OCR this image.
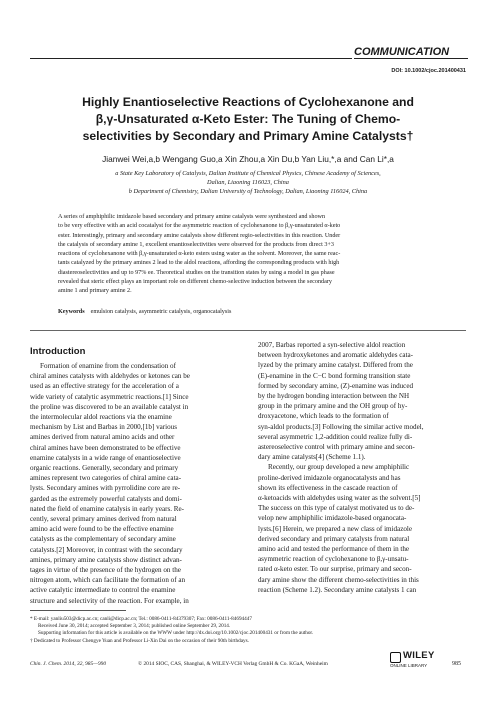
COMMUNICATION
DOI: 10.1002/cjoc.201400431
Highly Enantioselective Reactions of Cyclohexanone and
β,γ-Unsaturated α-Keto Ester: The Tuning of Chemo-
selectivities by Secondary and Primary Amine Catalysts†
Jianwei Wei,a,b Wengang Guo,a Xin Zhou,a Xin Du,b Yan Liu,*,a and Can Li*,a
a State Key Laboratory of Catalysis, Dalian Institute of Chemical Physics, Chinese Academy of Sciences,
Dalian, Liaoning 116023, China
b Department of Chemistry, Dalian University of Technology, Dalian, Liaoning 116024, China
A series of amphiphilic imidazole based secondary and primary amine catalysts were synthesized and shown
to be very effective with an acid cocatalyst for the asymmetric reaction of cyclohexanone to β,γ-unsaturated α-keto
ester. Interestingly, primary and secondary amine catalysts show different regio-selectivities in this reaction. Under
the catalysis of secondary amine 1, excellent enantioselectivities were observed for the products from direct 3+3
reactions of cyclohexanone with β,γ-unsaturated α-keto esters using water as the solvent. Moreover, the same reac-
tants catalyzed by the primary amines 2 lead to the aldol reactions, affording the corresponding products with high
diastereoselectivities and up to 97% ee. Theoretical studies on the transition states by using a model in gas phase
revealed that steric effect plays an important role on different chemo-selective induction between the secondary
amine 1 and primary amine 2.
Keywords emulsion catalysis, asymmetric catalysis, organocatalysis
Introduction
Formation of enamine from the condensation of
chiral amines catalysts with aldehydes or ketones can be
used as an effective strategy for the acceleration of a
wide variety of catalytic asymmetric reactions.[1] Since
the proline was discovered to be an available catalyst in
the intermolecular aldol reactions via the enamine
mechanism by List and Barbas in 2000,[1b] various
amines derived from natural amino acids and other
chiral amines have been demonstrated to be effective
enamine catalysts in a wide range of enantioselective
organic reactions. Generally, secondary and primary
amines represent two categories of chiral amine cata-
lysts. Secondary amines with pyrrolidine core are re-
garded as the extremely powerful catalysts and domi-
nated the field of enamine catalysis in early years. Re-
cently, several primary amines derived from natural
amino acid were found to be the effective enamine
catalysts as the complementary of secondary amine
catalysts.[2] Moreover, in contrast with the secondary
amines, primary amine catalysts show distinct advan-
tages in virtue of the presence of the hydrogen on the
nitrogen atom, which can facilitate the formation of an
active catalytic intermediate to control the enamine
structure and selectivity of the reaction. For example, in
2007, Barbas reported a syn-selective aldol reaction
between hydroxyketones and aromatic aldehydes cata-
lyzed by the primary amine catalyst. Differed from the
(E)-enamine in the C−C bond forming transition state
formed by secondary amine, (Z)-enamine was induced
by the hydrogen bonding interaction between the NH
group in the primary amine and the OH group of hy-
droxyacetone, which leads to the formation of
syn-aldol products.[3] Following the similar active model,
several asymmetric 1,2-addition could realize fully di-
astereoselective control with primary amine and secon-
dary amine catalysts[4] (Scheme 1.1).
Recently, our group developed a new amphiphilic
proline-derived imidazole organocatalysts and has
shown its effectiveness in the cascade reaction of
α-ketoacids with aldehydes using water as the solvent.[5]
The success on this type of catalyst motivated us to de-
velop new amphiphilic imidazole-based organocata-
lysts.[6] Herein, we prepared a new class of imidazole
derived secondary and primary catalysts from natural
amino acid and tested the performance of them in the
asymmetric reaction of cyclohexanone to β,γ-unsatu-
rated α-keto ester. To our surprise, primary and secon-
dary amine show the different chemo-selectivities in this
reaction (Scheme 1.2). Secondary amine catalysts 1 can
* E-mail: yanliu503@dicp.ac.cn; canli@dicp.ac.cn; Tel.: 0086-0411-84379307; Fax: 0086-0411-84694447
Received June 30, 2014; accepted September 3, 2014; published online September 29, 2014.
Supporting information for this article is available on the WWW under http://dx.doi.org/10.1002/cjoc.201400431 or from the author.
† Dedicated to Professor Chengye Yuan and Professor Li-Xin Dai on the occasion of their 90th birthdays.
Chin. J. Chem. 2014, 32, 985—990	© 2014 SIOC, CAS, Shanghai, & WILEY-VCH Verlag GmbH & Co. KGaA, Weinheim
WILEY
ONLINE LIBRARY	985
